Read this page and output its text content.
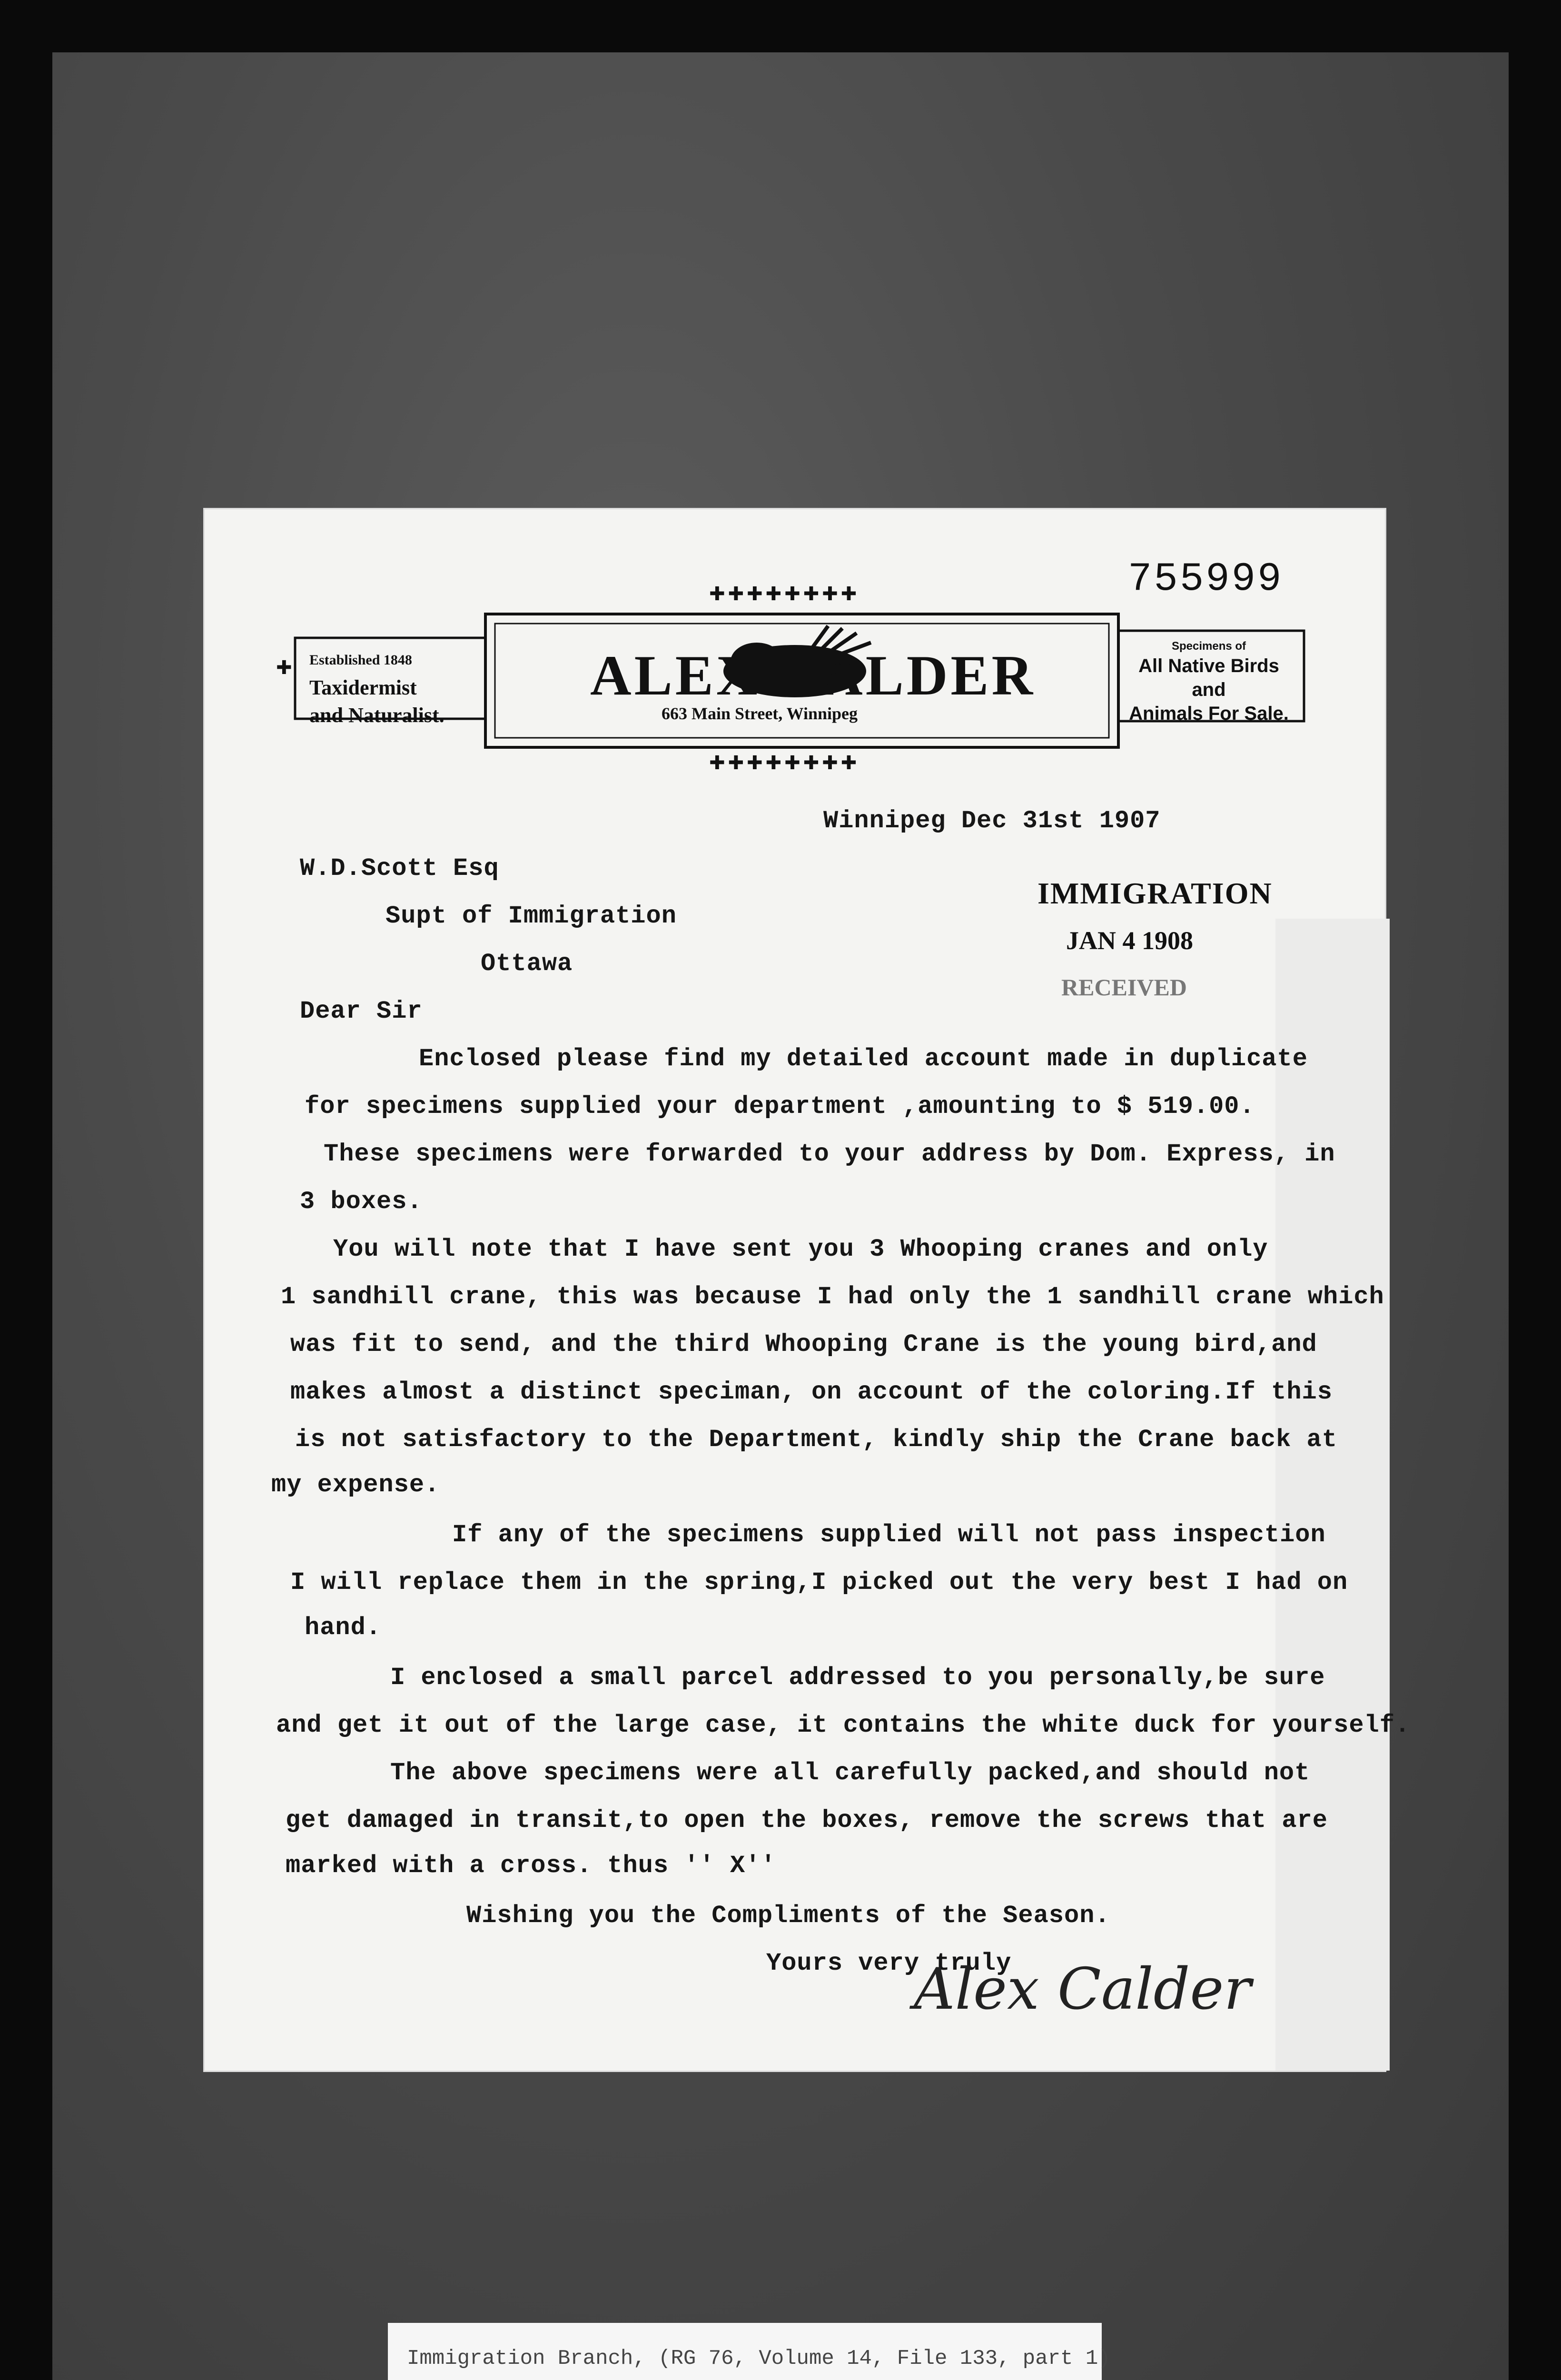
755999
✚✚✚✚✚✚✚✚
✚✚✚✚✚✚✚✚
✚ Established 1848
Taxidermist
and Naturalist.
ALEX CALDER
663 Main Street, Winnipeg
Specimens of
All Native Birds and
Animals For Sale.
Winnipeg Dec 31st 1907
W.D.Scott Esq
Supt of Immigration
Ottawa
Dear Sir
IMMIGRATION
JAN 4 1908
RECEIVED
Enclosed please find my detailed account made in duplicate
for specimens supplied your department ,amounting to $ 519.00.
These specimens were forwarded to your address by Dom. Express, in
3 boxes.
You will note that I have sent you 3 Whooping cranes and only
1 sandhill crane, this was because I had only the 1 sandhill crane which
was fit to send, and the third Whooping Crane is the young bird,and
makes almost a distinct speciman, on account of the coloring.If this
is not satisfactory to the Department, kindly ship the Crane back at
my expense.
If any of the specimens supplied will not pass inspection
I will replace them in the spring,I picked out the very best I had on
hand.
I enclosed a small parcel addressed to you personally,be sure
and get it out of the large case, it contains the white duck for yourself.
The above specimens were all carefully packed,and should not
get damaged in transit,to open the boxes, remove the screws that are
marked with a cross. thus '' X''
Wishing you the Compliments of the Season.
Yours very truly
Alex Calder
Immigration Branch, (RG 76, Volume 14, File 133, part 1)
